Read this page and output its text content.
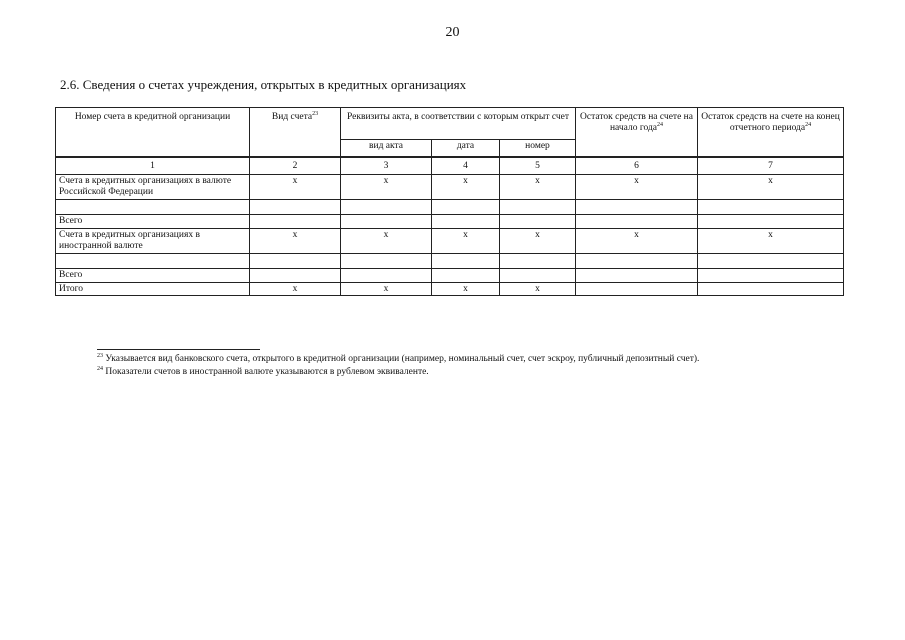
20
2.6. Сведения о счетах учреждения, открытых в кредитных организациях
Номер счета в кредитной организации	Вид счета$^{23}$	Реквизиты акта, в соответствии с которым открыт счет			Остаток средств на счете на начало года$^{24}$	Остаток средств на счете на конец отчетного периода$^{24}$
		вид акта	дата	номер		
1	2	3	4	5	6	7
Счета в кредитных организациях в валюте Российской Федерации	x	x	x	x	x	x

Всего						
Счета в кредитных организациях в иностранной валюте	x	x	x	x	x	x

Всего						
Итого	x	x	x	x		
$^{23}$ Указывается вид банковского счета, открытого в кредитной организации (например, номинальный счет, счет эскроу, публичный депозитный счет).
$^{24}$ Показатели счетов в иностранной валюте указываются в рублевом эквиваленте.
